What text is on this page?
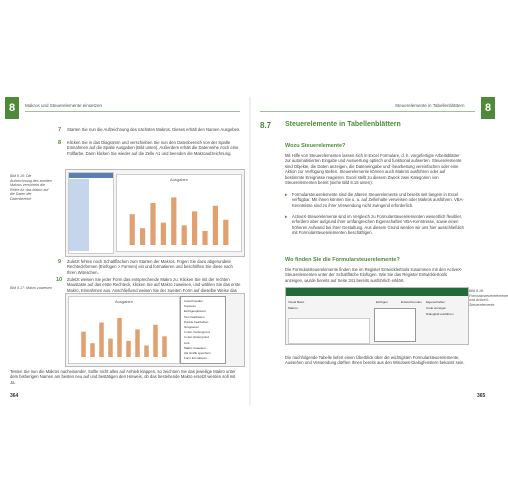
8	Makros und Steuerelemente einsetzen
7 Starten Sie nun die Aufzeichnung des nächsten Makros. Dieses erhält den Namen Ausgeben.
8 Klicken Sie in das Diagramm und verschieben Sie nun den Datenbereich von der Spalte Einnahmen auf die Spalte Ausgaben (Bild unten). Außerdem erhält die Datenreihe noch eine Füllfarbe. Dann klicken Sie wieder auf die Zelle A1 und beenden die Makroaufzeichnung.
Bild 8.16: Die Aufzeichnung des zweiten Makros verschiebt die Reihe für das Makro auf die Daten der Datenbereich
Ausgaben
9 Zuletzt fehlen noch Schaltflächen zum Starten der Makros. Fügen Sie dazu abgerundete Rechteckformen (Einfügen > Formen) ein und formatieren und beschriften Sie diese nach Ihren Wünschen.
10 Zuletzt weisen Sie jeder Form das entsprechende Makro zu: Klicken Sie mit der rechten Maustaste auf das erste Rechteck, klicken Sie auf Makro zuweisen, und wählen Sie das erste Makro, Einnahmen aus. Anschließend weisen Sie der zweiten Form auf dieselbe Weise das
Bild 8.17: Makro zuweisen
Ausgaben	Ausschneiden
Kopieren
Einfügeoptionen:
Text bearbeiten
Punkte bearbeiten
Gruppieren
In den Vordergrund
In den Hintergrund
Link
Makro zuweisen...
Als Grafik speichern
Form formatieren...
Testen Sie nun die Makros nacheinander. Sollte nicht alles auf Anhieb klappen, so zeichnen Sie das jeweilige Makro unter dem bisherigen Namen am besten neu auf und bestätigen den Hinweis, ob das bestehende Makro ersetzt werden soll mit Ja.
364
8
Steuerelemente in Tabellenblättern
8.7 Steuerelemente in Tabellenblättern
Wozu Steuerelemente?
Mit Hilfe von Steuerelementen lassen sich in Excel Formulare, d. h. vorgefertigte Arbeitsblätter zur automatisierten Eingabe und Auswertung optisch und funktional aufwerten. Steuerelemente sind Objekte, die Daten anzeigen, die Dateneingabe und -bearbeitung vereinfachen oder eine Aktion zur Verfügung stellen. Steuerelemente können auch Makros ausführen oder auf bestimmte Ereignisse reagieren. Excel stellt zu diesem Zweck zwei Kategorien von Steuerelementen bereit (siehe Bild 8.18 unten):
▸ Formularsteuerelemente sind die älteren Steuerelemente und bereits seit langem in Excel verfügbar. Mit ihnen können Sie u. a. auf Zellinhalte verweisen oder Makros ausführen. VBA-Kenntnisse sind zu ihrer Verwendung nicht zwingend erforderlich.
▸ ActiveX-Steuerelemente sind im Vergleich zu Formularsteuerelementen wesentlich flexibler, erfordern aber aufgrund ihrer umfangreichen Eigenschaften VBA-Kenntnisse, sowie einen höheren Aufwand bei ihrer Gestaltung. Aus diesem Grund werden wir uns hier ausschließlich mit Formularsteuerelementen beschäftigen.
Wo finden Sie die Formularsteuerelemente?
Die Formularsteuerelemente finden Sie im Register Entwicklertools zusammen mit den ActiveX-Steuerelementen unter der Schaltfläche Einfügen. Wie Sie das Register Entwicklertools anzeigen, wurde bereits auf Seite 341 bereits ausführlich erklärt.
Visual Basic
Makros
Einfügen	Entwurfsmodus Eigenschaften
Code anzeigen
Dialogfeld ausführen
Bild 8.18: Formularsteuerelemente und ActiveX-Steuerelemente
Die nachfolgende Tabelle liefert einen Überblick über die wichtigsten Formularsteuerelemente, Aussehen und Verwendung dürften Ihnen bereits aus den Windows-Dialogfenstern bekannt sein.
365
